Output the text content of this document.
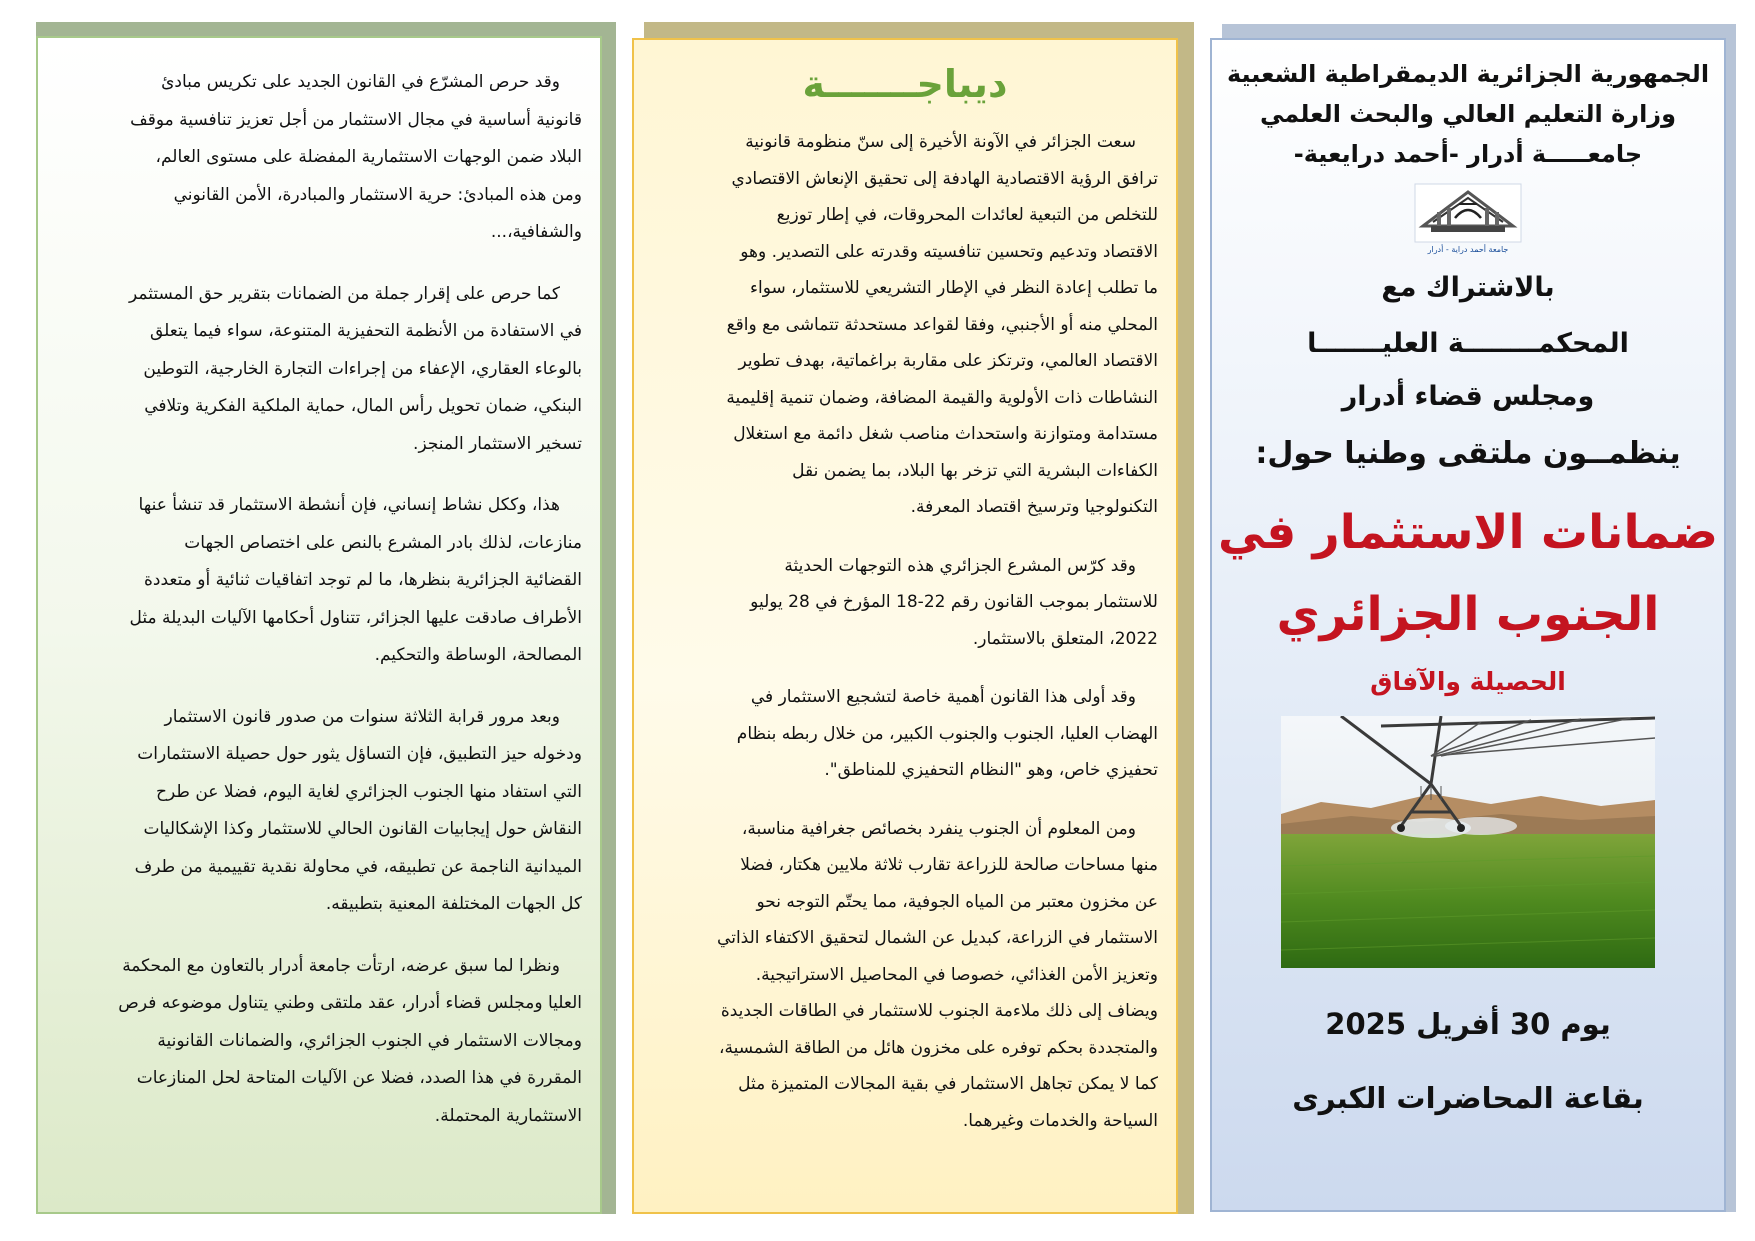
وقد حرص المشرّع في القانون الجديد على تكريس مبادئ
قانونية أساسية في مجال الاستثمار من أجل تعزيز تنافسية موقف
البلاد ضمن الوجهات الاستثمارية المفضلة على مستوى العالم،
ومن هذه المبادئ: حرية الاستثمار والمبادرة، الأمن القانوني
والشفافية،...
كما حرص على إقرار جملة من الضمانات بتقرير حق المستثمر
في الاستفادة من الأنظمة التحفيزية المتنوعة، سواء فيما يتعلق
بالوعاء العقاري، الإعفاء من إجراءات التجارة الخارجية، التوطين
البنكي، ضمان تحويل رأس المال، حماية الملكية الفكرية وتلافي
تسخير الاستثمار المنجز.
هذا، وككل نشاط إنساني، فإن أنشطة الاستثمار قد تنشأ عنها
منازعات، لذلك بادر المشرع بالنص على اختصاص الجهات
القضائية الجزائرية بنظرها، ما لم توجد اتفاقيات ثنائية أو متعددة
الأطراف صادقت عليها الجزائر، تتناول أحكامها الآليات البديلة مثل
المصالحة، الوساطة والتحكيم.
وبعد مرور قرابة الثلاثة سنوات من صدور قانون الاستثمار
ودخوله حيز التطبيق، فإن التساؤل يثور حول حصيلة الاستثمارات
التي استفاد منها الجنوب الجزائري لغاية اليوم، فضلا عن طرح
النقاش حول إيجابيات القانون الحالي للاستثمار وكذا الإشكاليات
الميدانية الناجمة عن تطبيقه، في محاولة نقدية تقييمية من طرف
كل الجهات المختلفة المعنية بتطبيقه.
ونظرا لما سبق عرضه، ارتأت جامعة أدرار بالتعاون مع المحكمة
العليا ومجلس قضاء أدرار، عقد ملتقى وطني يتناول موضوعه فرص
ومجالات الاستثمار في الجنوب الجزائري، والضمانات القانونية
المقررة في هذا الصدد، فضلا عن الآليات المتاحة لحل المنازعات
الاستثمارية المحتملة.
ديباجـــــــة
سعت الجزائر في الآونة الأخيرة إلى سنّ منظومة قانونية
ترافق الرؤية الاقتصادية الهادفة إلى تحقيق الإنعاش الاقتصادي
للتخلص من التبعية لعائدات المحروقات، في إطار توزيع
الاقتصاد وتدعيم وتحسين تنافسيته وقدرته على التصدير. وهو
ما تطلب إعادة النظر في الإطار التشريعي للاستثمار، سواء
المحلي منه أو الأجنبي، وفقا لقواعد مستحدثة تتماشى مع واقع
الاقتصاد العالمي، وترتكز على مقاربة براغماتية، بهدف تطوير
النشاطات ذات الأولوية والقيمة المضافة، وضمان تنمية إقليمية
مستدامة ومتوازنة واستحداث مناصب شغل دائمة مع استغلال
الكفاءات البشرية التي تزخر بها البلاد، بما يضمن نقل
التكنولوجيا وترسيخ اقتصاد المعرفة.
وقد كرّس المشرع الجزائري هذه التوجهات الحديثة
للاستثمار بموجب القانون رقم 22-18 المؤرخ في 28 يوليو
2022، المتعلق بالاستثمار.
وقد أولى هذا القانون أهمية خاصة لتشجيع الاستثمار في
الهضاب العليا، الجنوب والجنوب الكبير، من خلال ربطه بنظام
تحفيزي خاص، وهو "النظام التحفيزي للمناطق".
ومن المعلوم أن الجنوب ينفرد بخصائص جغرافية مناسبة،
منها مساحات صالحة للزراعة تقارب ثلاثة ملايين هكتار، فضلا
عن مخزون معتبر من المياه الجوفية، مما يحتّم التوجه نحو
الاستثمار في الزراعة، كبديل عن الشمال لتحقيق الاكتفاء الذاتي
وتعزيز الأمن الغذائي، خصوصا في المحاصيل الاستراتيجية.
ويضاف إلى ذلك ملاءمة الجنوب للاستثمار في الطاقات الجديدة
والمتجددة بحكم توفره على مخزون هائل من الطاقة الشمسية،
كما لا يمكن تجاهل الاستثمار في بقية المجالات المتميزة مثل
السياحة والخدمات وغيرهما.

الجمهورية الجزائرية الديمقراطية الشعبية

وزارة التعليم العالي والبحث العلمي

جامعـــــة أدرار -أحمد درايعية-

جامعة أحمد دراية - أدرار

بالاشتراك مع

المحكمــــــــة العليـــــــا

ومجلس قضاء أدرار

ينظمــون ملتقى وطنيا حول:

ضمانات الاستثمار في

الجنوب الجزائري

الحصيلة والآفاق

يوم 30 أفريل 2025

بقاعة المحاضرات الكبرى
